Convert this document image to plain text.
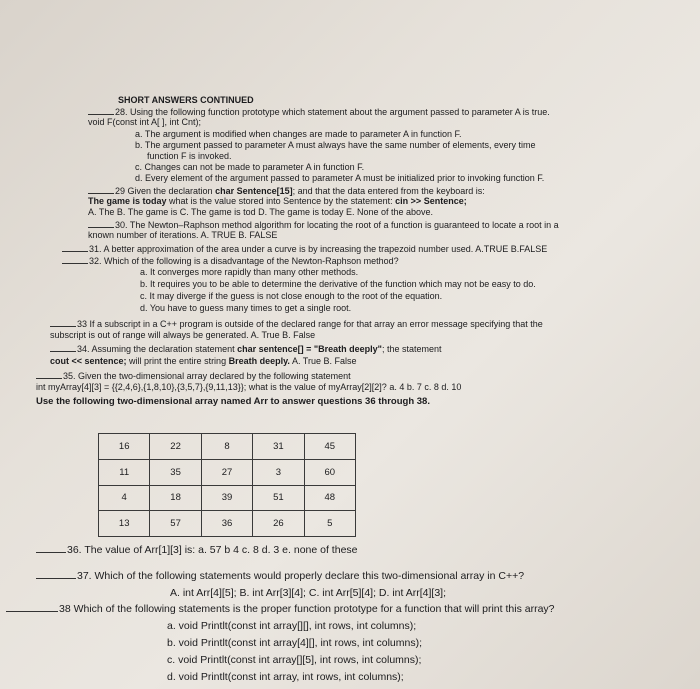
SHORT ANSWERS CONTINUED
28. Using the following function prototype which statement about the argument passed to parameter A is true.
void F(const int A[ ], int Cnt);
a. The argument is modified when changes are made to parameter A in function F.
b. The argument passed to parameter A must always have the same number of elements, every time
function F is invoked.
c. Changes can not be made to parameter A in function F.
d. Every element of the argument passed to parameter A must be initialized prior to invoking function F.
29 Given the declaration char Sentence[15]; and that the data entered from the keyboard is:
The game is today what is the value stored into Sentence by the statement: cin >> Sentence;
A. The B. The game is C. The game is tod D. The game is today E. None of the above.
30. The Newton–Raphson method algorithm for locating the root of a function is guaranteed to locate a root in a
known number of iterations. A. TRUE B. FALSE
31. A better approximation of the area under a curve is by increasing the trapezoid number used. A.TRUE B.FALSE
32. Which of the following is a disadvantage of the Newton-Raphson method?
a. It converges more rapidly than many other methods.
b. It requires you to be able to determine the derivative of the function which may not be easy to do.
c. It may diverge if the guess is not close enough to the root of the equation.
d. You have to guess many times to get a single root.
33 If a subscript in a C++ program is outside of the declared range for that array an error message specifying that the
subscript is out of range will always be generated. A. True B. False
34. Assuming the declaration statement char sentence[] = "Breath deeply"; the statement
cout << sentence; will print the entire string Breath deeply. A. True B. False
35. Given the two-dimensional array declared by the following statement
int myArray[4][3] = {{2,4,6},{1,8,10},{3,5,7},{9,11,13}}; what is the value of myArray[2][2]? a. 4 b. 7 c. 8 d. 10
Use the following two-dimensional array named Arr to answer questions 36 through 38.
16	22	8	31	45
11	35	27	3	60
4	18	39	51	48
13	57	36	26	5
36. The value of Arr[1][3] is: a. 57 b 4 c. 8 d. 3 e. none of these
37. Which of the following statements would properly declare this two-dimensional array in C++?
A. int Arr[4][5]; B. int Arr[3][4]; C. int Arr[5][4]; D. int Arr[4][3];
38 Which of the following statements is the proper function prototype for a function that will print this array?
a. void Printlt(const int array[][], int rows, int columns);
b. void Printlt(const int array[4][], int rows, int columns);
c. void Printlt(const int array[][5], int rows, int columns);
d. void Printlt(const int array, int rows, int columns);
